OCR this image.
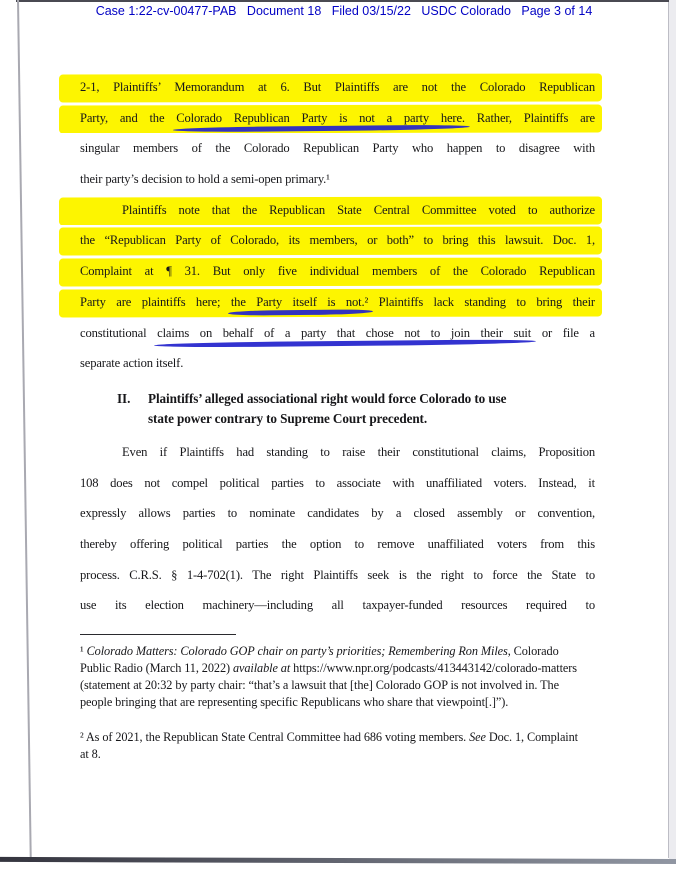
Case 1:22-cv-00477-PAB   Document 18   Filed 03/15/22   USDC Colorado   Page 3 of 14
2-1, Plaintiffs’ Memorandum at 6. But Plaintiffs are not the Colorado Republican
Party, and the Colorado Republican Party is not a party here. Rather, Plaintiffs are
singular members of the Colorado Republican Party who happen to disagree with
their party’s decision to hold a semi-open primary.¹
Plaintiffs note that the Republican State Central Committee voted to authorize
the “Republican Party of Colorado, its members, or both” to bring this lawsuit. Doc. 1,
Complaint at ¶ 31. But only five individual members of the Colorado Republican
Party are plaintiffs here; the Party itself is not.² Plaintiffs lack standing to bring their
constitutional claims on behalf of a party that chose not to join their suit or file a
separate action itself.
II.	Plaintiffs’ alleged associational right would force Colorado to use
state power contrary to Supreme Court precedent.
Even if Plaintiffs had standing to raise their constitutional claims, Proposition
108 does not compel political parties to associate with unaffiliated voters. Instead, it
expressly allows parties to nominate candidates by a closed assembly or convention,
thereby offering political parties the option to remove unaffiliated voters from this
process. C.R.S. § 1-4-702(1). The right Plaintiffs seek is the right to force the State to
use its election machinery—including all taxpayer-funded resources required to

¹ Colorado Matters: Colorado GOP chair on party’s priorities; Remembering Ron Miles, Colorado Public Radio (March 11, 2022) available at https://www.npr.org/podcasts/413443142/colorado-matters (statement at 20:32 by party chair: “that’s a lawsuit that [the] Colorado GOP is not involved in. The people bringing that are representing specific Republicans who share that viewpoint[.]”).

² As of 2021, the Republican State Central Committee had 686 voting members. See Doc. 1, Complaint at 8.
